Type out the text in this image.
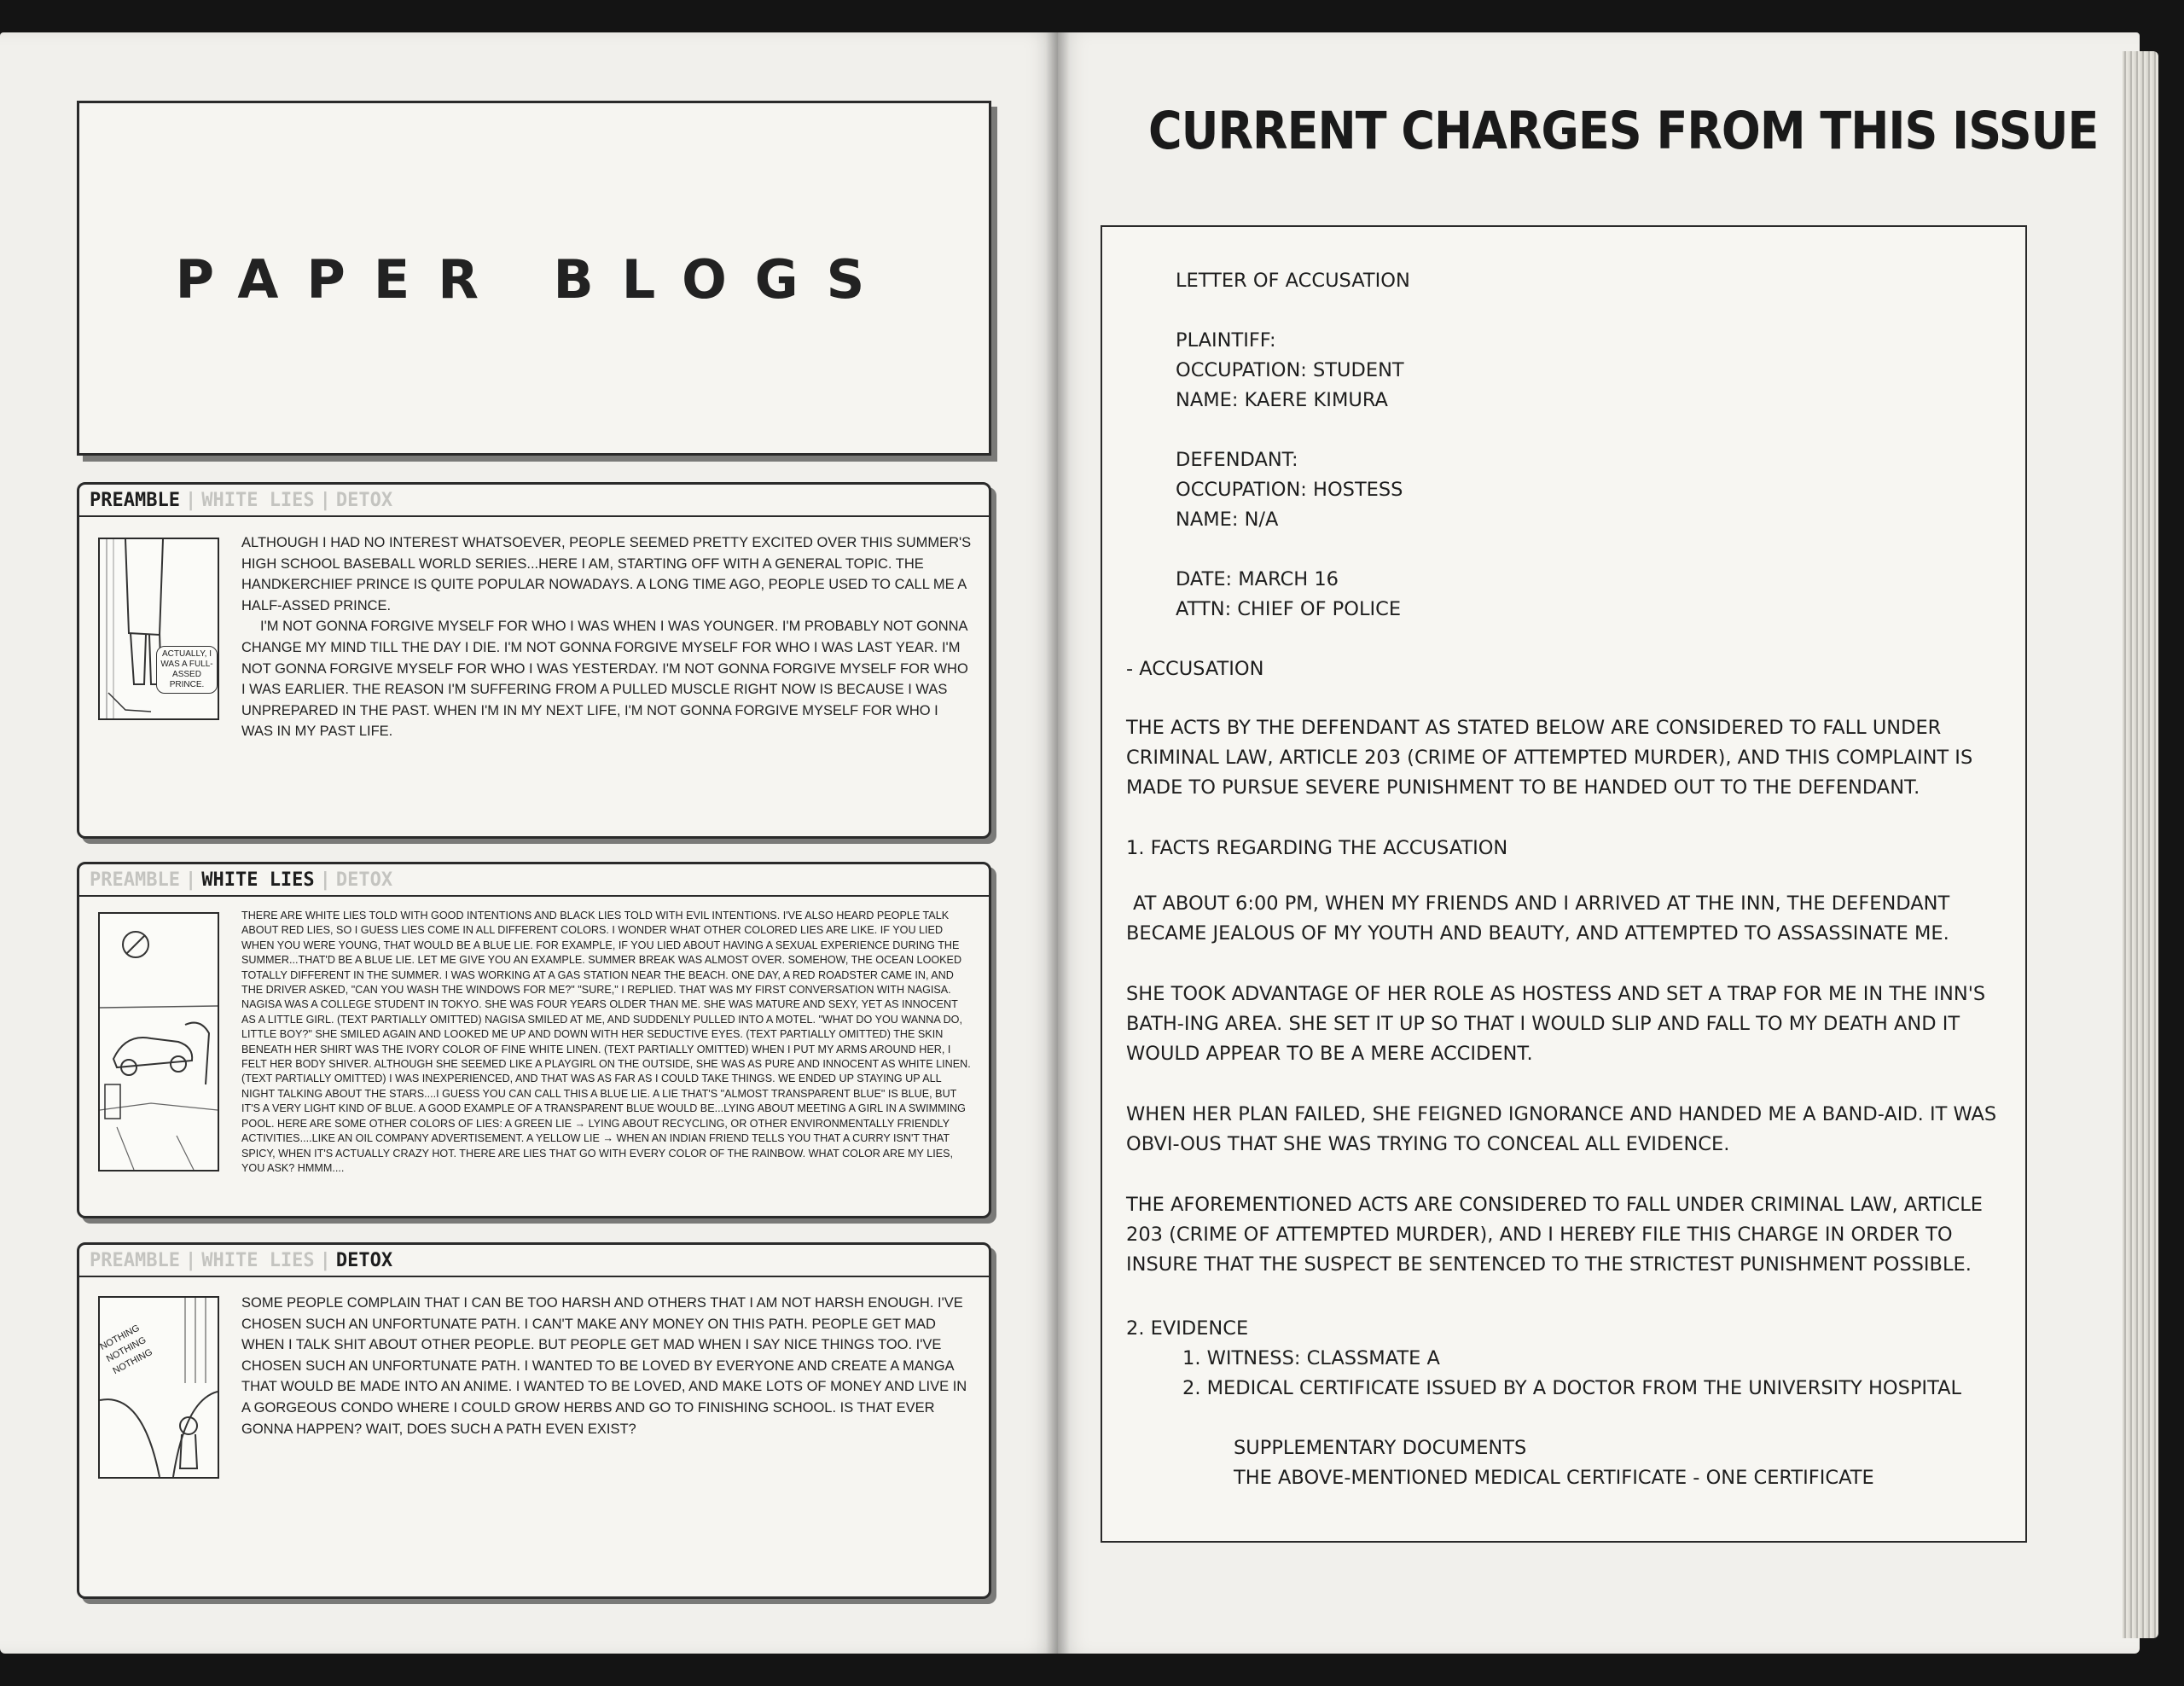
PAPER BLOGS
PREAMBLE | WHITE LIES | DETOX
ACTUALLY, I WAS A FULL-ASSED PRINCE.

ALTHOUGH I HAD NO INTEREST WHATSOEVER, PEOPLE SEEMED PRETTY EXCITED OVER THIS SUMMER'S HIGH SCHOOL BASEBALL WORLD SERIES...HERE I AM, STARTING OFF WITH A GENERAL TOPIC. THE HANDKERCHIEF PRINCE IS QUITE POPULAR NOWADAYS. A LONG TIME AGO, PEOPLE USED TO CALL ME A HALF-ASSED PRINCE.

I'M NOT GONNA FORGIVE MYSELF FOR WHO I WAS WHEN I WAS YOUNGER. I'M PROBABLY NOT GONNA CHANGE MY MIND TILL THE DAY I DIE. I'M NOT GONNA FORGIVE MYSELF FOR WHO I WAS LAST YEAR. I'M NOT GONNA FORGIVE MYSELF FOR WHO I WAS YESTERDAY. I'M NOT GONNA FORGIVE MYSELF FOR WHO I WAS EARLIER. THE REASON I'M SUFFERING FROM A PULLED MUSCLE RIGHT NOW IS BECAUSE I WAS UNPREPARED IN THE PAST. WHEN I'M IN MY NEXT LIFE, I'M NOT GONNA FORGIVE MYSELF FOR WHO I WAS IN MY PAST LIFE.

PREAMBLE | WHITE LIES | DETOX

THERE ARE WHITE LIES TOLD WITH GOOD INTENTIONS AND BLACK LIES TOLD WITH EVIL INTENTIONS. I'VE ALSO HEARD PEOPLE TALK ABOUT RED LIES, SO I GUESS LIES COME IN ALL DIFFERENT COLORS. I WONDER WHAT OTHER COLORED LIES ARE LIKE. IF YOU LIED WHEN YOU WERE YOUNG, THAT WOULD BE A BLUE LIE. FOR EXAMPLE, IF YOU LIED ABOUT HAVING A SEXUAL EXPERIENCE DURING THE SUMMER...THAT'D BE A BLUE LIE. LET ME GIVE YOU AN EXAMPLE. SUMMER BREAK WAS ALMOST OVER. SOMEHOW, THE OCEAN LOOKED TOTALLY DIFFERENT IN THE SUMMER. I WAS WORKING AT A GAS STATION NEAR THE BEACH. ONE DAY, A RED ROADSTER CAME IN, AND THE DRIVER ASKED, "CAN YOU WASH THE WINDOWS FOR ME?" "SURE," I REPLIED. THAT WAS MY FIRST CONVERSATION WITH NAGISA. NAGISA WAS A COLLEGE STUDENT IN TOKYO. SHE WAS FOUR YEARS OLDER THAN ME. SHE WAS MATURE AND SEXY, YET AS INNOCENT AS A LITTLE GIRL. (TEXT PARTIALLY OMITTED) NAGISA SMILED AT ME, AND SUDDENLY PULLED INTO A MOTEL. "WHAT DO YOU WANNA DO, LITTLE BOY?" SHE SMILED AGAIN AND LOOKED ME UP AND DOWN WITH HER SEDUCTIVE EYES. (TEXT PARTIALLY OMITTED) THE SKIN BENEATH HER SHIRT WAS THE IVORY COLOR OF FINE WHITE LINEN. (TEXT PARTIALLY OMITTED) WHEN I PUT MY ARMS AROUND HER, I FELT HER BODY SHIVER. ALTHOUGH SHE SEEMED LIKE A PLAYGIRL ON THE OUTSIDE, SHE WAS AS PURE AND INNOCENT AS WHITE LINEN. (TEXT PARTIALLY OMITTED) I WAS INEXPERIENCED, AND THAT WAS AS FAR AS I COULD TAKE THINGS. WE ENDED UP STAYING UP ALL NIGHT TALKING ABOUT THE STARS....I GUESS YOU CAN CALL THIS A BLUE LIE. A LIE THAT'S "ALMOST TRANSPARENT BLUE" IS BLUE, BUT IT'S A VERY LIGHT KIND OF BLUE. A GOOD EXAMPLE OF A TRANSPARENT BLUE WOULD BE...LYING ABOUT MEETING A GIRL IN A SWIMMING POOL. HERE ARE SOME OTHER COLORS OF LIES: A GREEN LIE → LYING ABOUT RECYCLING, OR OTHER ENVIRONMENTALLY FRIENDLY ACTIVITIES....LIKE AN OIL COMPANY ADVERTISEMENT. A YELLOW LIE → WHEN AN INDIAN FRIEND TELLS YOU THAT A CURRY ISN'T THAT SPICY, WHEN IT'S ACTUALLY CRAZY HOT. THERE ARE LIES THAT GO WITH EVERY COLOR OF THE RAINBOW. WHAT COLOR ARE MY LIES, YOU ASK? HMMM....

PREAMBLE | WHITE LIES | DETOX
NOTHING NOTHING NOTHING

SOME PEOPLE COMPLAIN THAT I CAN BE TOO HARSH AND OTHERS THAT I AM NOT HARSH ENOUGH. I'VE CHOSEN SUCH AN UNFORTUNATE PATH. I CAN'T MAKE ANY MONEY ON THIS PATH. PEOPLE GET MAD WHEN I TALK SHIT ABOUT OTHER PEOPLE. BUT PEOPLE GET MAD WHEN I SAY NICE THINGS TOO. I'VE CHOSEN SUCH AN UNFORTUNATE PATH. I WANTED TO BE LOVED BY EVERYONE AND CREATE A MANGA THAT WOULD BE MADE INTO AN ANIME. I WANTED TO BE LOVED, AND MAKE LOTS OF MONEY AND LIVE IN A GORGEOUS CONDO WHERE I COULD GROW HERBS AND GO TO FINISHING SCHOOL. IS THAT EVER GONNA HAPPEN? WAIT, DOES SUCH A PATH EVEN EXIST?

CURRENT CHARGES FROM THIS ISSUE
LETTER OF ACCUSATION
PLAINTIFF:
OCCUPATION: STUDENT
NAME: KAERE KIMURA
DEFENDANT:
OCCUPATION: HOSTESS
NAME: N/A
DATE: MARCH 16
ATTN: CHIEF OF POLICE
- ACCUSATION
THE ACTS BY THE DEFENDANT AS STATED BELOW ARE CONSIDERED TO FALL UNDER CRIMINAL LAW, ARTICLE 203 (CRIME OF ATTEMPTED MURDER), AND THIS COMPLAINT IS MADE TO PURSUE SEVERE PUNISHMENT TO BE HANDED OUT TO THE DEFENDANT.
1. FACTS REGARDING THE ACCUSATION
AT ABOUT 6:00 PM, WHEN MY FRIENDS AND I ARRIVED AT THE INN, THE DEFENDANT BECAME JEALOUS OF MY YOUTH AND BEAUTY, AND ATTEMPTED TO ASSASSINATE ME.
SHE TOOK ADVANTAGE OF HER ROLE AS HOSTESS AND SET A TRAP FOR ME IN THE INN'S BATH-ING AREA. SHE SET IT UP SO THAT I WOULD SLIP AND FALL TO MY DEATH AND IT WOULD APPEAR TO BE A MERE ACCIDENT.
WHEN HER PLAN FAILED, SHE FEIGNED IGNORANCE AND HANDED ME A BAND-AID. IT WAS OBVI-OUS THAT SHE WAS TRYING TO CONCEAL ALL EVIDENCE.
THE AFOREMENTIONED ACTS ARE CONSIDERED TO FALL UNDER CRIMINAL LAW, ARTICLE 203 (CRIME OF ATTEMPTED MURDER), AND I HEREBY FILE THIS CHARGE IN ORDER TO INSURE THAT THE SUSPECT BE SENTENCED TO THE STRICTEST PUNISHMENT POSSIBLE.
2. EVIDENCE
1. WITNESS: CLASSMATE A
2. MEDICAL CERTIFICATE ISSUED BY A DOCTOR FROM THE UNIVERSITY HOSPITAL
SUPPLEMENTARY DOCUMENTS
THE ABOVE-MENTIONED MEDICAL CERTIFICATE - ONE CERTIFICATE
